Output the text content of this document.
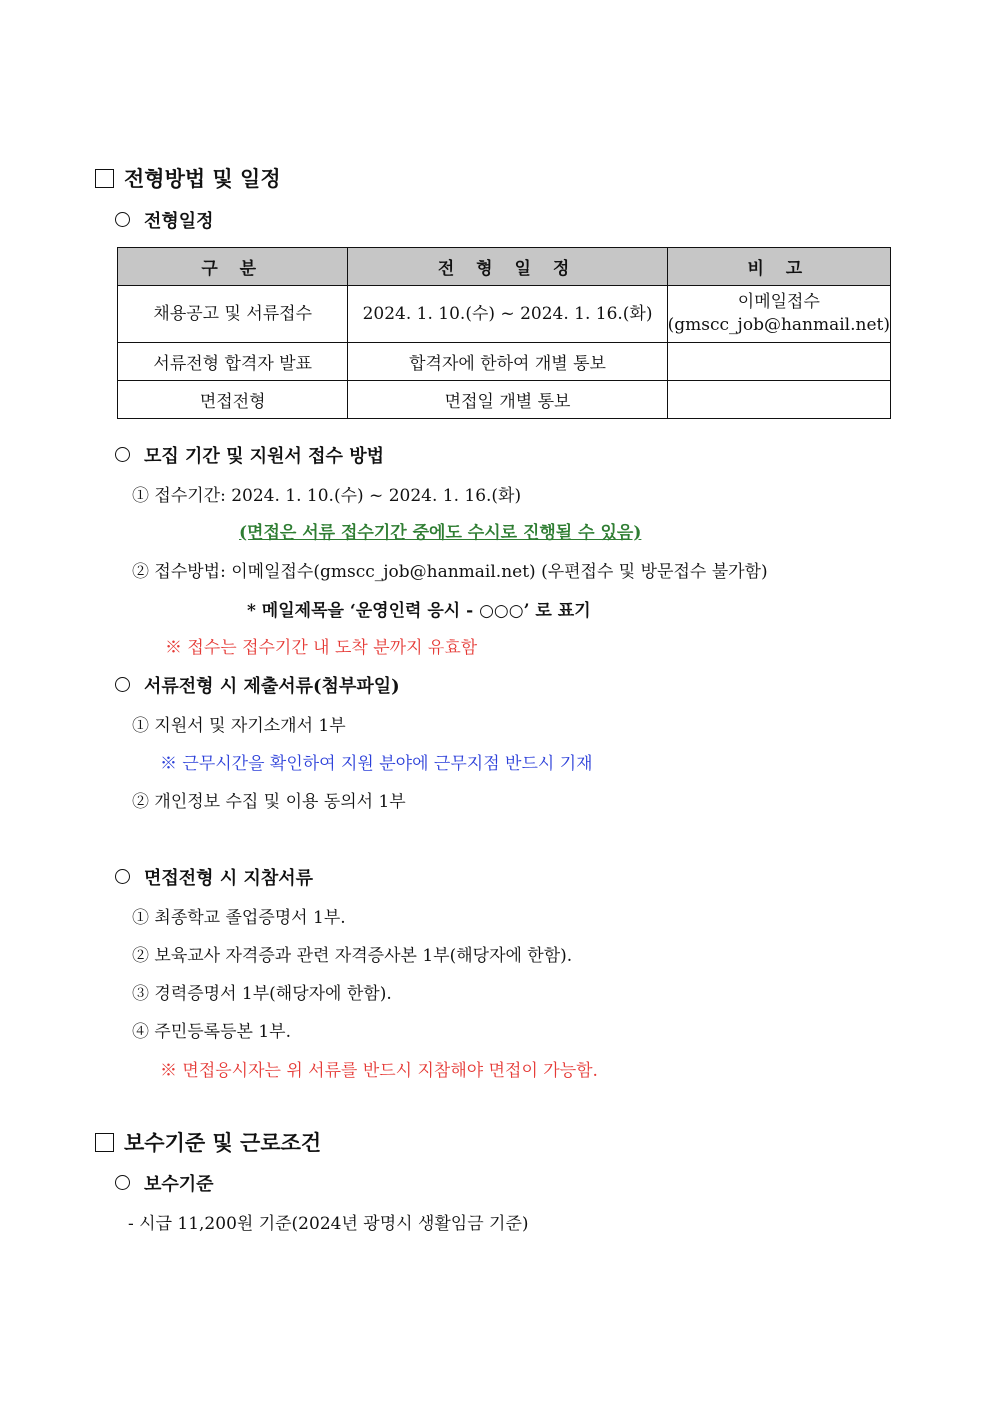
전형방법 및 일정
전형일정
구 분	전 형 일 정	비 고
채용공고 및 서류접수	2024. 1. 10.(수) ~ 2024. 1. 16.(화)	이메일접수
(gmscc_job@hanmail.net)

서류전형 합격자 발표	합격자에 한하여 개별 통보	
면접전형	면접일 개별 통보	
모집 기간 및 지원서 접수 방법
① 접수기간: 2024. 1. 10.(수) ~ 2024. 1. 16.(화)
(면접은 서류 접수기간 중에도 수시로 진행될 수 있음)
② 접수방법: 이메일접수(gmscc_job@hanmail.net) (우편접수 및 방문접수 불가함)
* 메일제목을 ‘운영인력 응시 - ○○○’ 로 표기
※ 접수는 접수기간 내 도착 분까지 유효함
서류전형 시 제출서류(첨부파일)
① 지원서 및 자기소개서 1부
※ 근무시간을 확인하여 지원 분야에 근무지점 반드시 기재
② 개인정보 수집 및 이용 동의서 1부
면접전형 시 지참서류
① 최종학교 졸업증명서 1부.
② 보육교사 자격증과 관련 자격증사본 1부(해당자에 한함).
③ 경력증명서 1부(해당자에 한함).
④ 주민등록등본 1부.
※ 면접응시자는 위 서류를 반드시 지참해야 면접이 가능함.
보수기준 및 근로조건
보수기준
- 시급 11,200원 기준(2024년 광명시 생활임금 기준)
